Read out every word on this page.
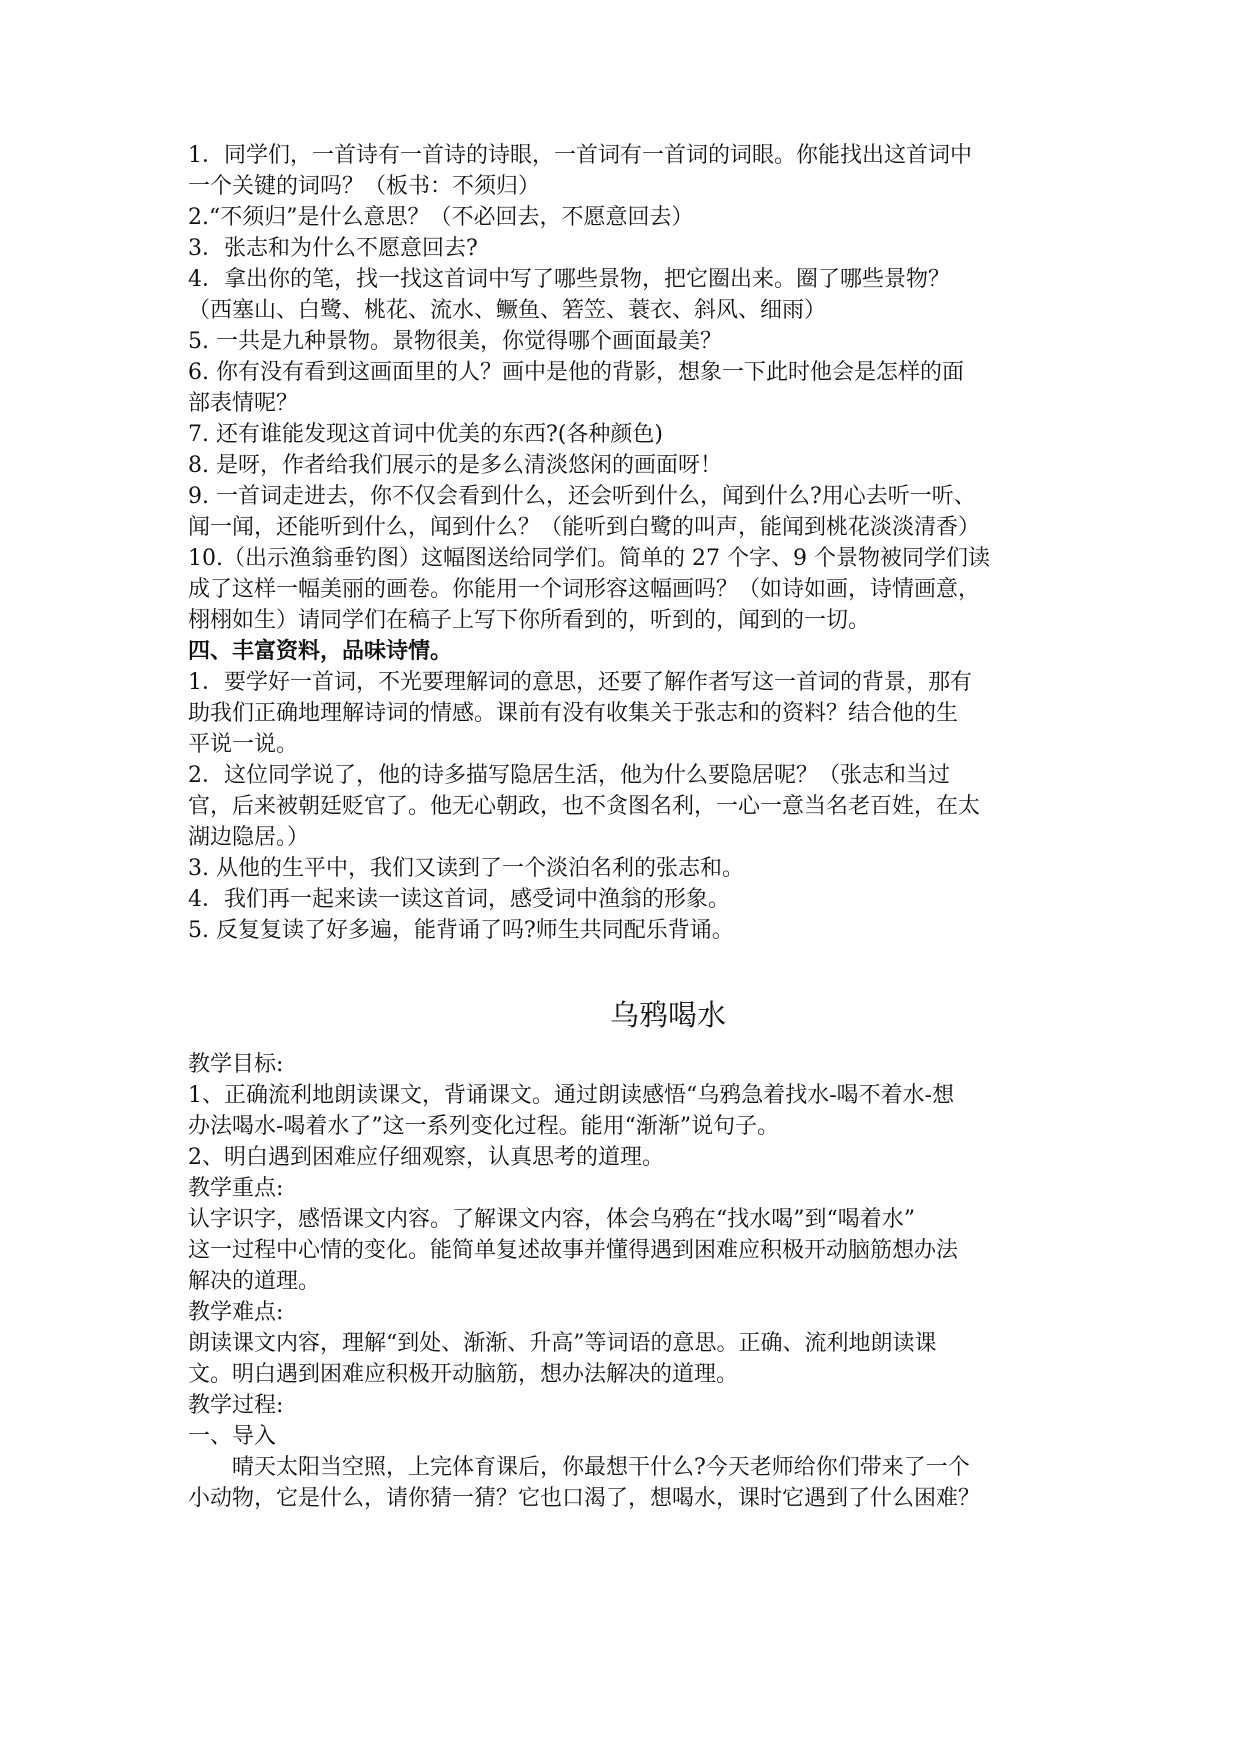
1．同学们，一首诗有一首诗的诗眼，一首词有一首词的词眼。你能找出这首词中
一个关键的词吗？（板书：不须归）
2.“不须归”是什么意思？（不必回去，不愿意回去）
3．张志和为什么不愿意回去?
4．拿出你的笔，找一找这首词中写了哪些景物，把它圈出来。圈了哪些景物？
（西塞山、白鹭、桃花、流水、鳜鱼、箬笠、蓑衣、斜风、细雨）
5. 一共是九种景物。景物很美，你觉得哪个画面最美？
6. 你有没有看到这画面里的人？画中是他的背影，想象一下此时他会是怎样的面
部表情呢？
7. 还有谁能发现这首词中优美的东西?(各种颜色)
8. 是呀，作者给我们展示的是多么清淡悠闲的画面呀！
9. 一首词走进去，你不仅会看到什么，还会听到什么，闻到什么?用心去听一听、
闻一闻，还能听到什么，闻到什么？（能听到白鹭的叫声，能闻到桃花淡淡清香）
10.（出示渔翁垂钓图）这幅图送给同学们。简单的 27 个字、9 个景物被同学们读
成了这样一幅美丽的画卷。你能用一个词形容这幅画吗？（如诗如画，诗情画意，
栩栩如生）请同学们在稿子上写下你所看到的，听到的，闻到的一切。
四、丰富资料，品味诗情。
1．要学好一首词，不光要理解词的意思，还要了解作者写这一首词的背景，那有
助我们正确地理解诗词的情感。课前有没有收集关于张志和的资料？结合他的生
平说一说。
2．这位同学说了，他的诗多描写隐居生活，他为什么要隐居呢？（张志和当过
官，后来被朝廷贬官了。他无心朝政，也不贪图名利，一心一意当名老百姓，在太
湖边隐居。）
3. 从他的生平中，我们又读到了一个淡泊名利的张志和。
4．我们再一起来读一读这首词，感受词中渔翁的形象。
5. 反复复读了好多遍，能背诵了吗?师生共同配乐背诵。
乌鸦喝水
教学目标:
1、正确流利地朗读课文，背诵课文。通过朗读感悟“乌鸦急着找水-喝不着水-想
办法喝水-喝着水了”这一系列变化过程。能用“渐渐”说句子。
2、明白遇到困难应仔细观察，认真思考的道理。
教学重点:
认字识字，感悟课文内容。了解课文内容，体会乌鸦在“找水喝”到“喝着水”
这一过程中心情的变化。能简单复述故事并懂得遇到困难应积极开动脑筋想办法
解决的道理。
教学难点:
朗读课文内容，理解“到处、渐渐、升高”等词语的意思。正确、流利地朗读课
文。明白遇到困难应积极开动脑筋，想办法解决的道理。
教学过程:
一、导入
　　晴天太阳当空照，上完体育课后，你最想干什么?今天老师给你们带来了一个
小动物，它是什么，请你猜一猜？它也口渴了，想喝水，课时它遇到了什么困难？
